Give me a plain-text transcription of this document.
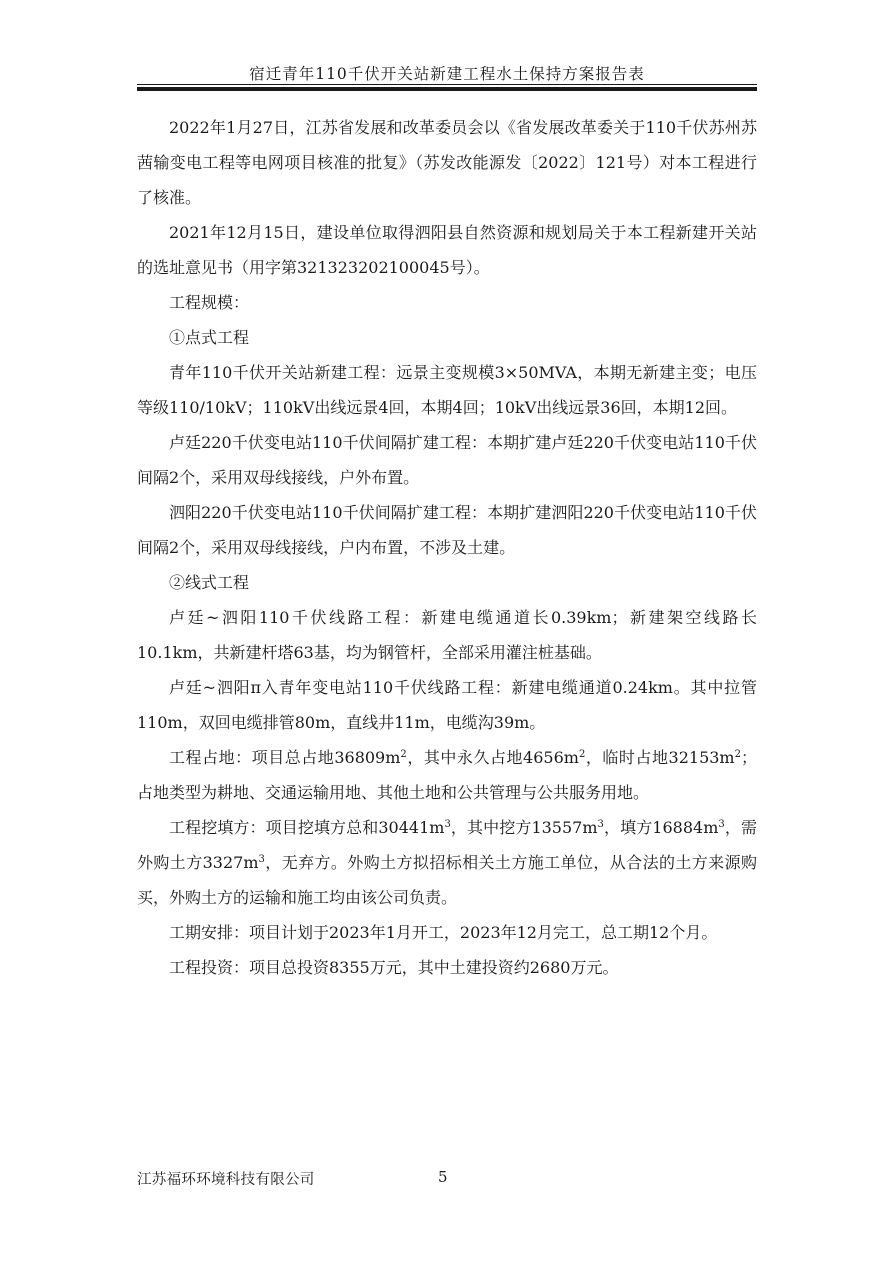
宿迁青年110千伏开关站新建工程水土保持方案报告表

2022年1月27日，江苏省发展和改革委员会以《省发展改革委关于110千伏苏州苏茜输变电工程等电网项目核准的批复》（苏发改能源发〔2022〕121号）对本工程进行了核准。

2021年12月15日，建设单位取得泗阳县自然资源和规划局关于本工程新建开关站的选址意见书（用字第321323202100045号）。

工程规模：

①点式工程

青年110千伏开关站新建工程：远景主变规模3×50MVA，本期无新建主变；电压等级110/10kV；110kV出线远景4回，本期4回；10kV出线远景36回，本期12回。

卢廷220千伏变电站110千伏间隔扩建工程：本期扩建卢廷220千伏变电站110千伏间隔2个，采用双母线接线，户外布置。

泗阳220千伏变电站110千伏间隔扩建工程：本期扩建泗阳220千伏变电站110千伏间隔2个，采用双母线接线，户内布置，不涉及土建。

②线式工程

卢廷~泗阳110千伏线路工程：新建电缆通道长0.39km；新建架空线路长10.1km，共新建杆塔63基，均为钢管杆，全部采用灌注桩基础。

卢廷~泗阳π入青年变电站110千伏线路工程：新建电缆通道0.24km。其中拉管110m，双回电缆排管80m，直线井11m，电缆沟39m。

工程占地：项目总占地$36809m^2$，其中永久占地$4656m^2$，临时占地$32153m^2$；占地类型为耕地、交通运输用地、其他土地和公共管理与公共服务用地。

工程挖填方：项目挖填方总和$30441m^3$，其中挖方$13557m^3$，填方$16884m^3$，需外购土方$3327m^3$，无弃方。外购土方拟招标相关土方施工单位，从合法的土方来源购买，外购土方的运输和施工均由该公司负责。

工期安排：项目计划于2023年1月开工，2023年12月完工，总工期12个月。

工程投资：项目总投资8355万元，其中土建投资约2680万元。

江苏福环环境科技有限公司	5
